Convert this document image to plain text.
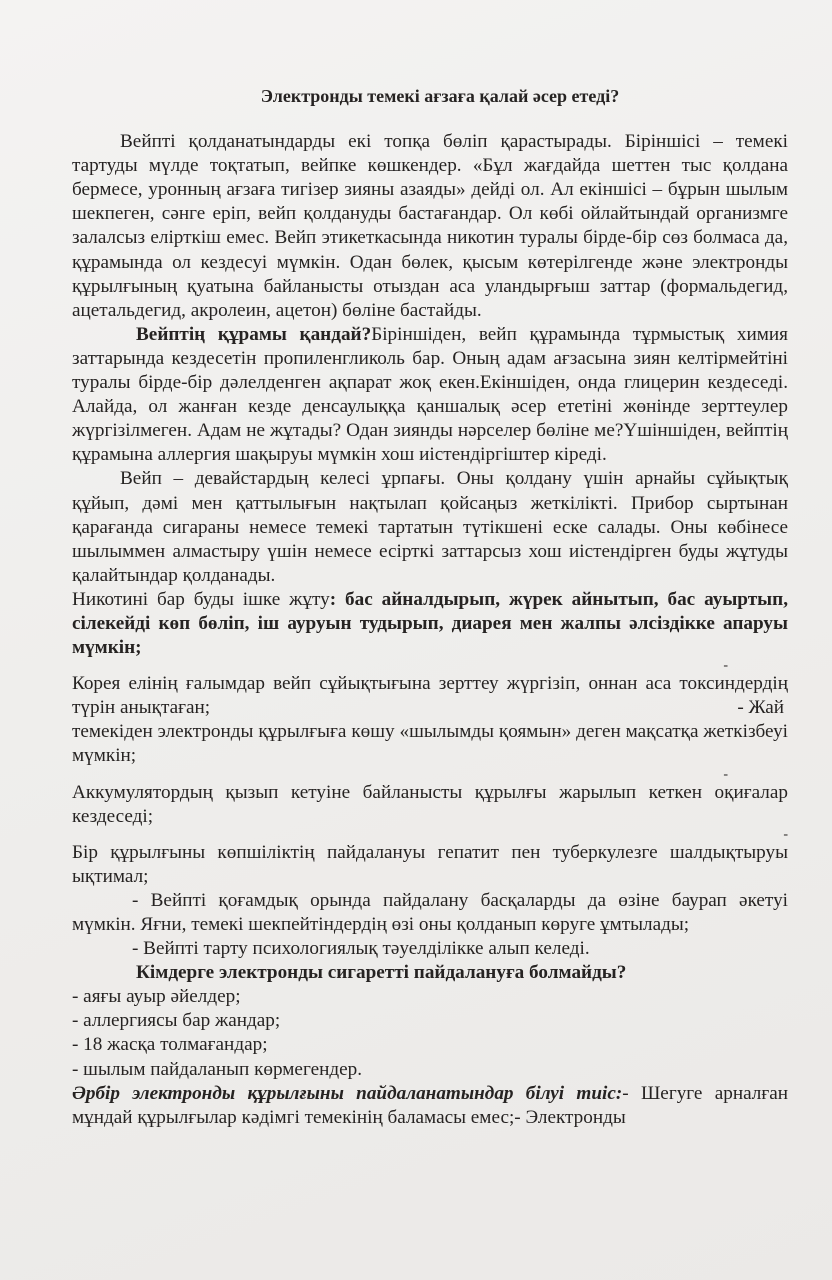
Электронды темекі ағзаға қалай әсер етеді?

Вейпті қолданатындарды екі топқа бөліп қарастырады. Біріншісі – темекі тартуды мүлде тоқтатып, вейпке көшкендер. «Бұл жағдайда шеттен тыс қолдана бермесе, уронның ағзаға тигізер зияны азаяды» дейді ол. Ал екіншісі – бұрын шылым шекпеген, сәнге еріп, вейп қолдануды бастағандар. Ол көбі ойлайтындай организмге залалсыз елірткіш емес. Вейп этикеткасында никотин туралы бірде-бір сөз болмаса да, құрамында ол кездесуі мүмкін. Одан бөлек, қысым көтерілгенде және электронды құрылғының қуатына байланысты отыздан аса уландырғыш заттар (формальдегид, ацетальдегид, акролеин, ацетон) бөліне бастайды.

Вейптің құрамы қандай?Біріншіден, вейп құрамында тұрмыстық химия заттарында кездесетін пропиленгликоль бар. Оның адам ағзасына зиян келтірмейтіні туралы бірде-бір дәлелденген ақпарат жоқ екен.Екіншіден, онда глицерин кездеседі. Алайда, ол жанған кезде денсаулыққа қаншалық әсер ететіні жөнінде зерттеулер жүргізілмеген. Адам не жұтады? Одан зиянды нәрселер бөліне ме?Үшіншіден, вейптің құрамына аллергия шақыруы мүмкін хош иістендіргіштер кіреді.

Вейп – девайстардың келесі ұрпағы. Оны қолдану үшін арнайы сұйықтық құйып, дәмі мен қаттылығын нақтылап қойсаңыз жеткілікті. Прибор сыртынан қарағанда сигараны немесе темекі тартатын түтікшені еске салады. Оны көбінесе шылыммен алмастыру үшін немесе есірткі заттарсыз хош иістендірген буды жұтуды қалайтындар қолданады.

Никотині бар буды ішке жұту: бас айналдырып, жүрек айнытып, бас ауыртып, сілекейді көп бөліп, іш ауруын тудырып, диарея мен жалпы әлсіздікке апаруы мүмкін;

-

Корея елінің ғалымдар вейп сұйықтығына зерттеу жүргізіп, оннан аса токсиндердің түрін анықтаған;	- Жай

темекіден электронды құрылғыға көшу «шылымды қоямын» деген мақсатқа жеткізбеуі мүмкін;

-

Аккумулятордың қызып кетуіне байланысты құрылғы жарылып кеткен оқиғалар кездеседі;

-

Бір құрылғыны көпшіліктің пайдалануы гепатит пен туберкулезге шалдықтыруы ықтимал;

- Вейпті қоғамдық орында пайдалану басқаларды да өзіне баурап әкетуі мүмкін. Яғни, темекі шекпейтіндердің өзі оны қолданып көруге ұмтылады;

- Вейпті тарту психологиялық тәуелділікке алып келеді.

Кімдерге электронды сигаретті пайдалануға болмайды?

- аяғы ауыр әйелдер;

- аллергиясы бар жандар;

- 18 жасқа толмағандар;

- шылым пайдаланып көрмегендер.

Әрбір электронды құрылғыны пайдаланатындар білуі тиіс:- Шегуге арналған мұндай құрылғылар кәдімгі темекінің баламасы емес;- Электронды
